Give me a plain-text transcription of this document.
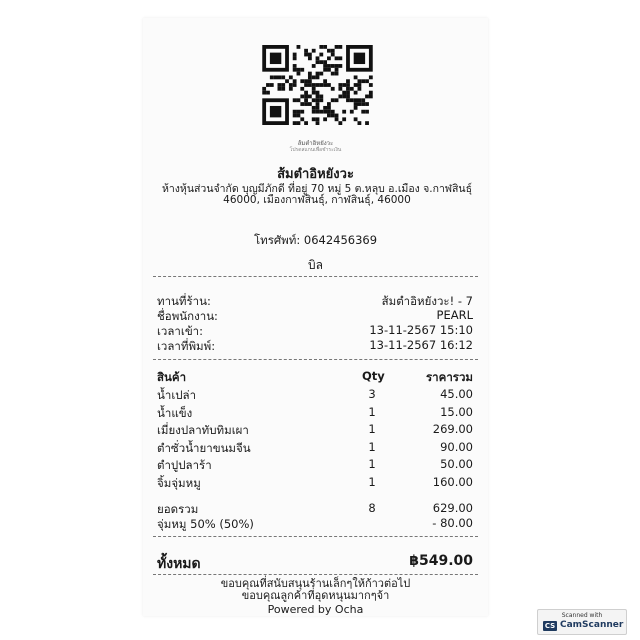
ส้มตำอิหยังวะ
โปรดสแกนเพื่อชำระเงิน
ส้มตำอิหยังวะ
ห้างหุ้นส่วนจำกัด บุญมีภักดี ที่อยู่ 70 หมู่ 5 ต.หลุบ อ.เมือง จ.กาฬสินธุ์ 46000, เมืองกาฬสินธุ์, กาฬสินธุ์, 46000
โทรศัพท์: 0642456369
บิล
ทานที่ร้าน:	ส้มตำอิหยังวะ! - 7
ชื่อพนักงาน:	PEARL
เวลาเข้า:	13-11-2567 15:10
เวลาที่พิมพ์:	13-11-2567 16:12
สินค้า	Qty	ราคารวม
น้ำเปล่า	3	45.00
น้ำแข็ง	1	15.00
เมี่ยงปลาทับทิมเผา	1	269.00
ตำซั่วน้ำยาขนมจีน	1	90.00
ตำปูปลาร้า	1	50.00
จิ้มจุ่มหมู	1	160.00
ยอดรวม	8	629.00
จุ่มหมู 50% (50%)	- 80.00
ทั้งหมด	฿549.00
ขอบคุณที่สนับสนุนร้านเล็กๆให้ก้าวต่อไป
ขอบคุณลูกค้าที่อุดหนุนมากๆจ้า
Powered by Ocha	Scanned with
CS CamScanner
